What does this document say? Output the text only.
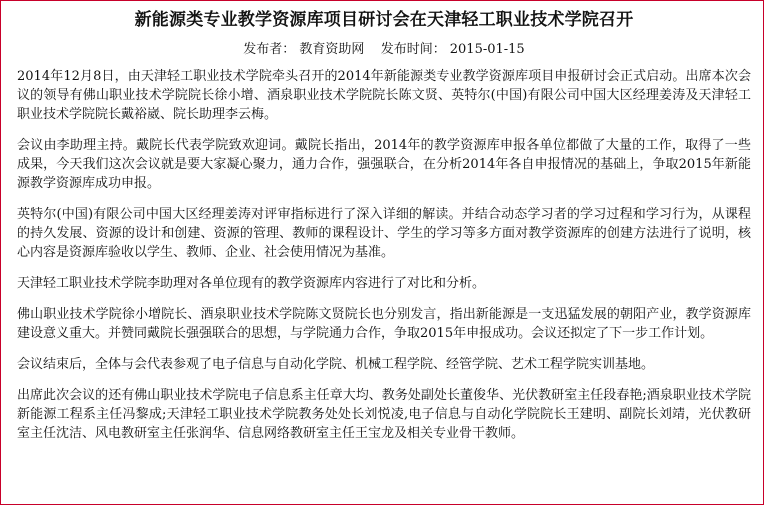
新能源类专业教学资源库项目研讨会在天津轻工职业技术学院召开
发布者： 教育资助网 发布时间： 2015-01-15

2014年12月8日，由天津轻工职业技术学院牵头召开的2014年新能源类专业教学资源库项目申报研讨会正式启动。出席本次会议的领导有佛山职业技术学院院长徐小增、酒泉职业技术学院院长陈文贤、英特尔(中国)有限公司中国大区经理姜涛及天津轻工职业技术学院院长戴裕崴、院长助理李云梅。

会议由李助理主持。戴院长代表学院致欢迎词。戴院长指出，2014年的教学资源库申报各单位都做了大量的工作，取得了一些成果，今天我们这次会议就是要大家凝心聚力，通力合作，强强联合，在分析2014年各自申报情况的基础上，争取2015年新能源教学资源库成功申报。

英特尔(中国)有限公司中国大区经理姜涛对评审指标进行了深入详细的解读。并结合动态学习者的学习过程和学习行为，从课程的持久发展、资源的设计和创建、资源的管理、教师的课程设计、学生的学习等多方面对教学资源库的创建方法进行了说明，核心内容是资源库验收以学生、教师、企业、社会使用情况为基准。

天津轻工职业技术学院李助理对各单位现有的教学资源库内容进行了对比和分析。

佛山职业技术学院徐小增院长、酒泉职业技术学院陈文贤院长也分别发言，指出新能源是一支迅猛发展的朝阳产业，教学资源库建设意义重大。并赞同戴院长强强联合的思想，与学院通力合作，争取2015年申报成功。会议还拟定了下一步工作计划。

会议结束后，全体与会代表参观了电子信息与自动化学院、机械工程学院、经管学院、艺术工程学院实训基地。

出席此次会议的还有佛山职业技术学院电子信息系主任章大均、教务处副处长董俊华、光伏教研室主任段春艳;酒泉职业技术学院新能源工程系主任冯黎成;天津轻工职业技术学院教务处处长刘悦凌,电子信息与自动化学院院长王建明、副院长刘靖，光伏教研室主任沈洁、风电教研室主任张润华、信息网络教研室主任王宝龙及相关专业骨干教师。
